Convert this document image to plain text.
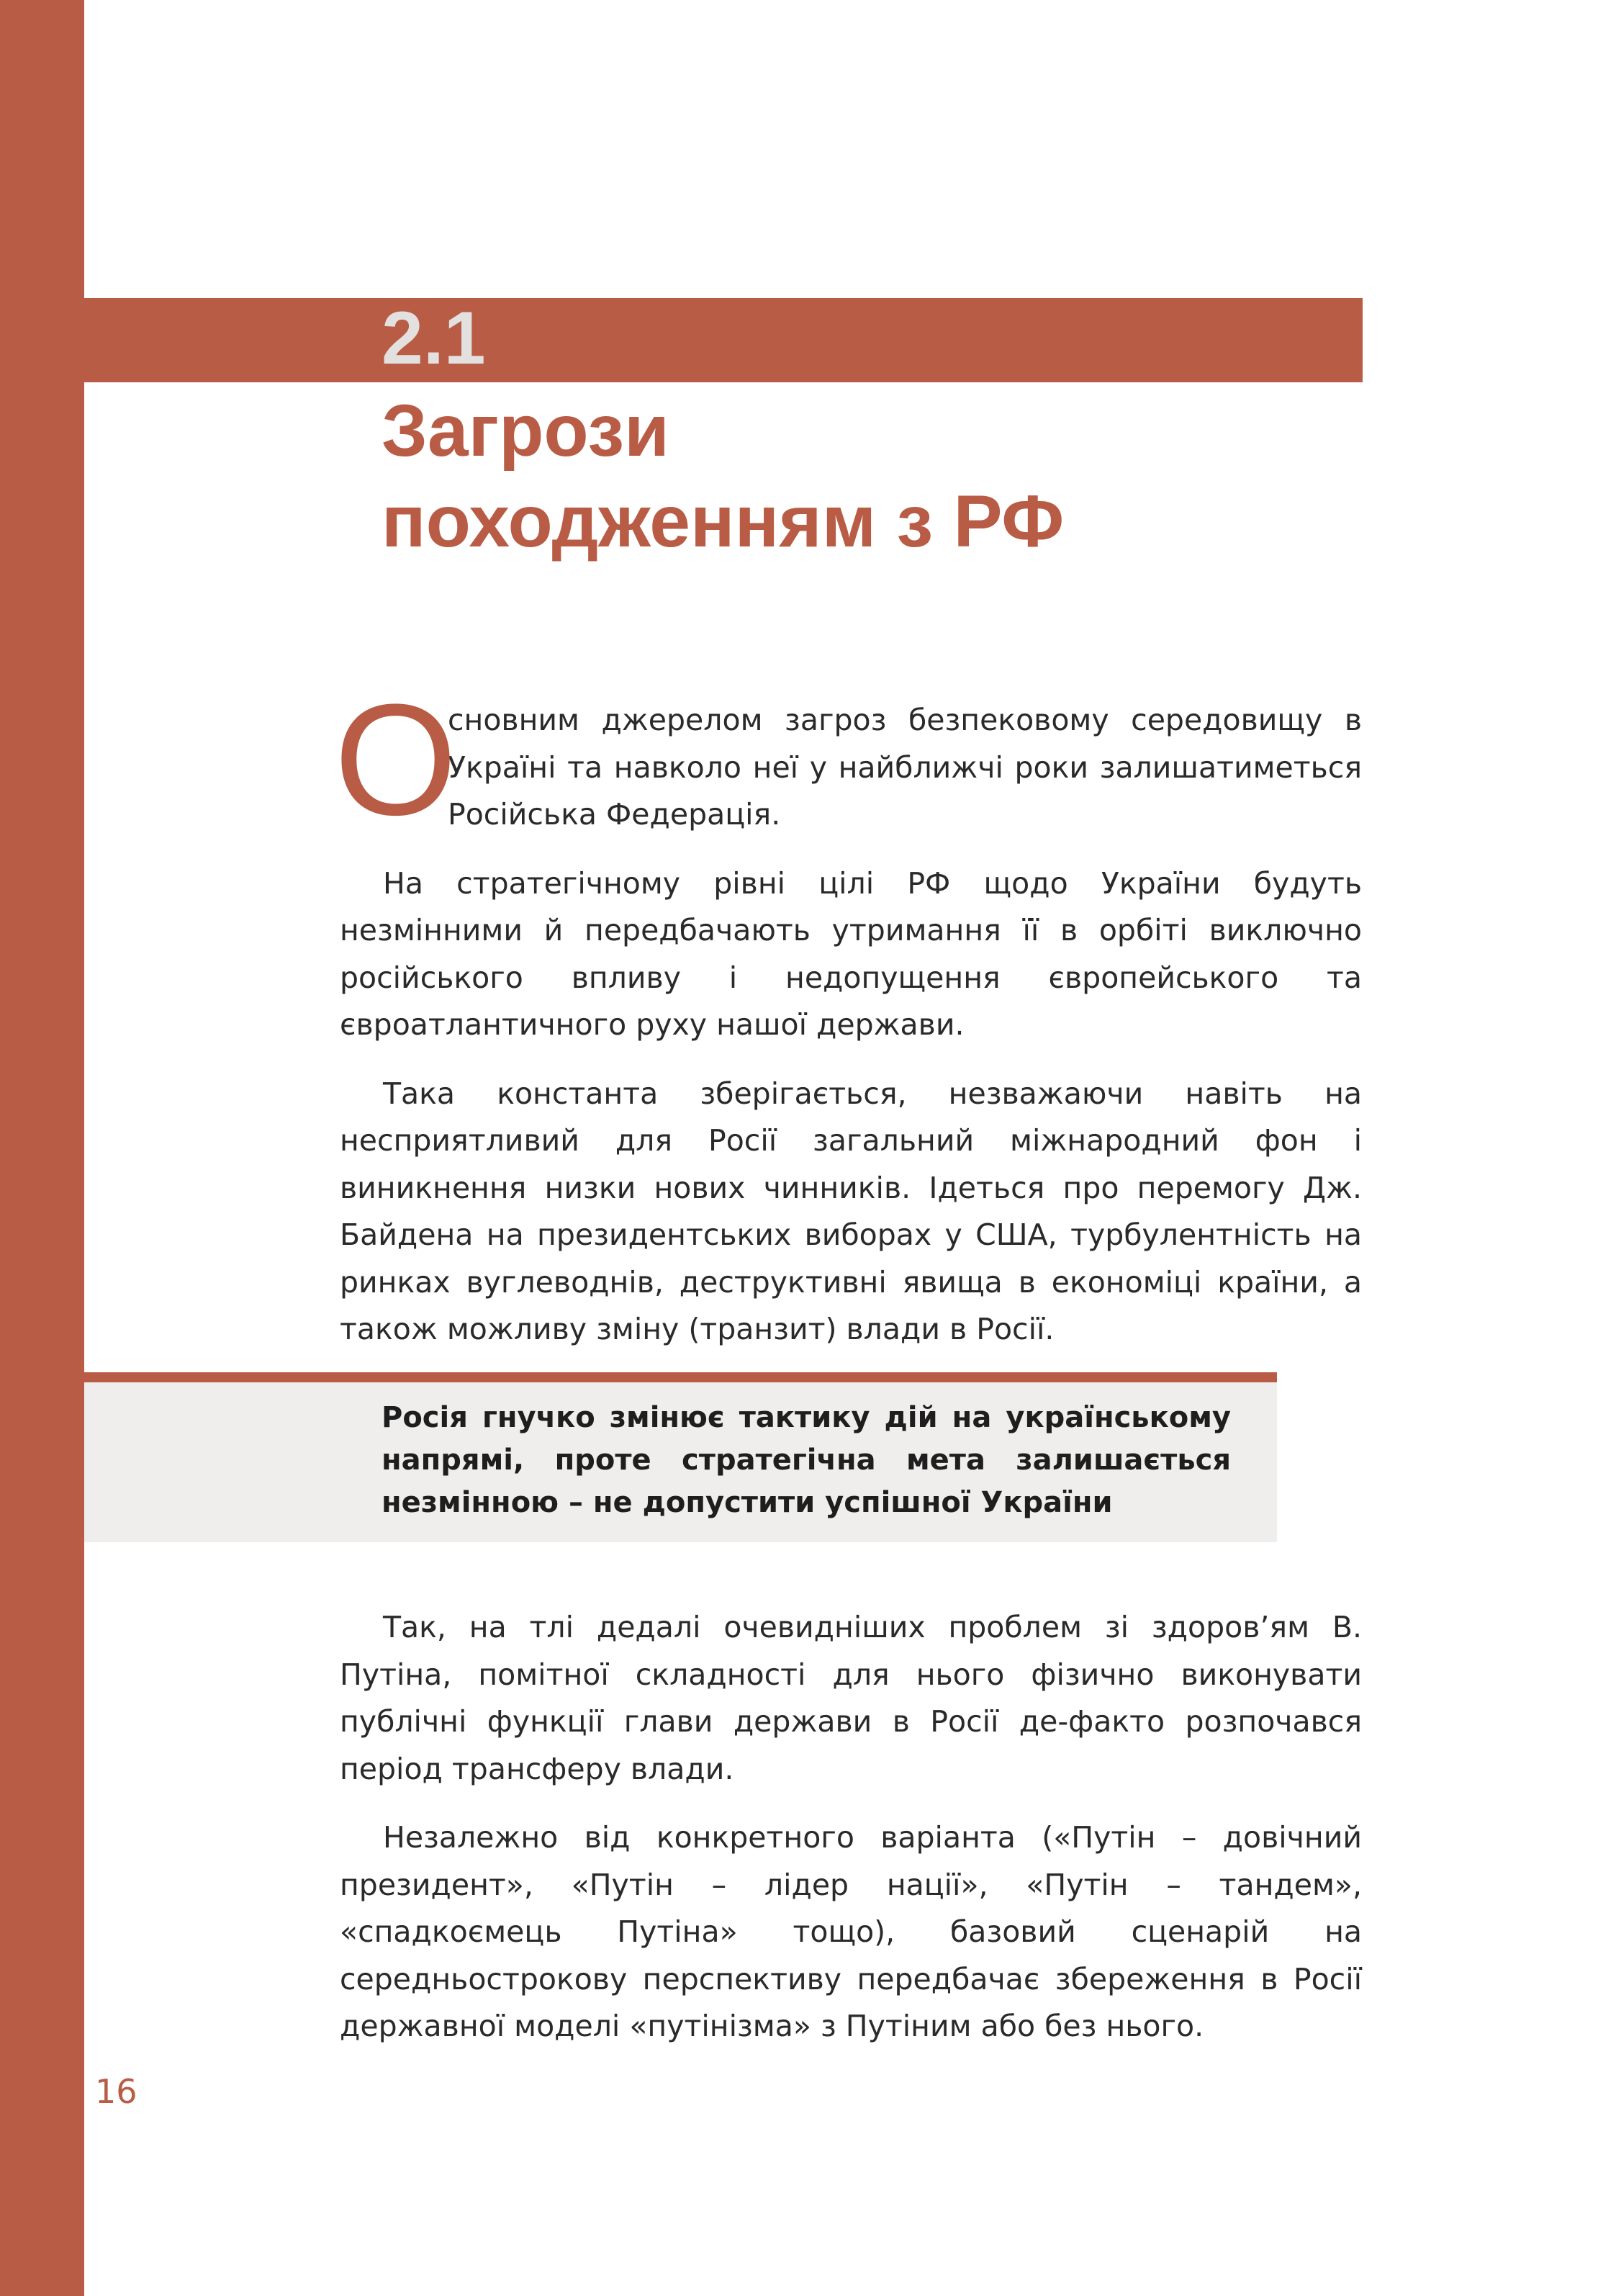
2.1
Загрози
походженням з РФ
О
сновним джерелом загроз безпековому середовищу в Україні та навколо неї у найближчі роки залишатиметься Російська Федерація.

На стратегічному рівні цілі РФ щодо України будуть незмінними й передбачають утримання її в орбіті виключно російського впливу і недопущення європейського та євроатлантичного руху нашої держави.

Така константа зберігається, незважаючи навіть на несприятливий для Росії загальний міжнародний фон і виникнення низки нових чинників. Ідеться про перемогу Дж. Байдена на президентських виборах у США, турбулентність на ринках вуглеводнів, деструктивні явища в економіці країни, а також можливу зміну (транзит) влади в Росії.

Росія гнучко змінює тактику дій на українському напрямі, проте стратегічна мета залишається незмінною – не допустити успішної України

Так, на тлі дедалі очевидніших проблем зі здоров’ям В. Путіна, помітної складності для нього фізично виконувати публічні функції глави держави в Росії де-факто розпочався період трансферу влади.

Незалежно від конкретного варіанта («Путін – довічний президент», «Путін – лідер нації», «Путін – тандем», «спадкоємець Путіна» тощо), базовий сценарій на середньострокову перспективу передбачає збереження в Росії державної моделі «путінізма» з Путіним або без нього.

16
